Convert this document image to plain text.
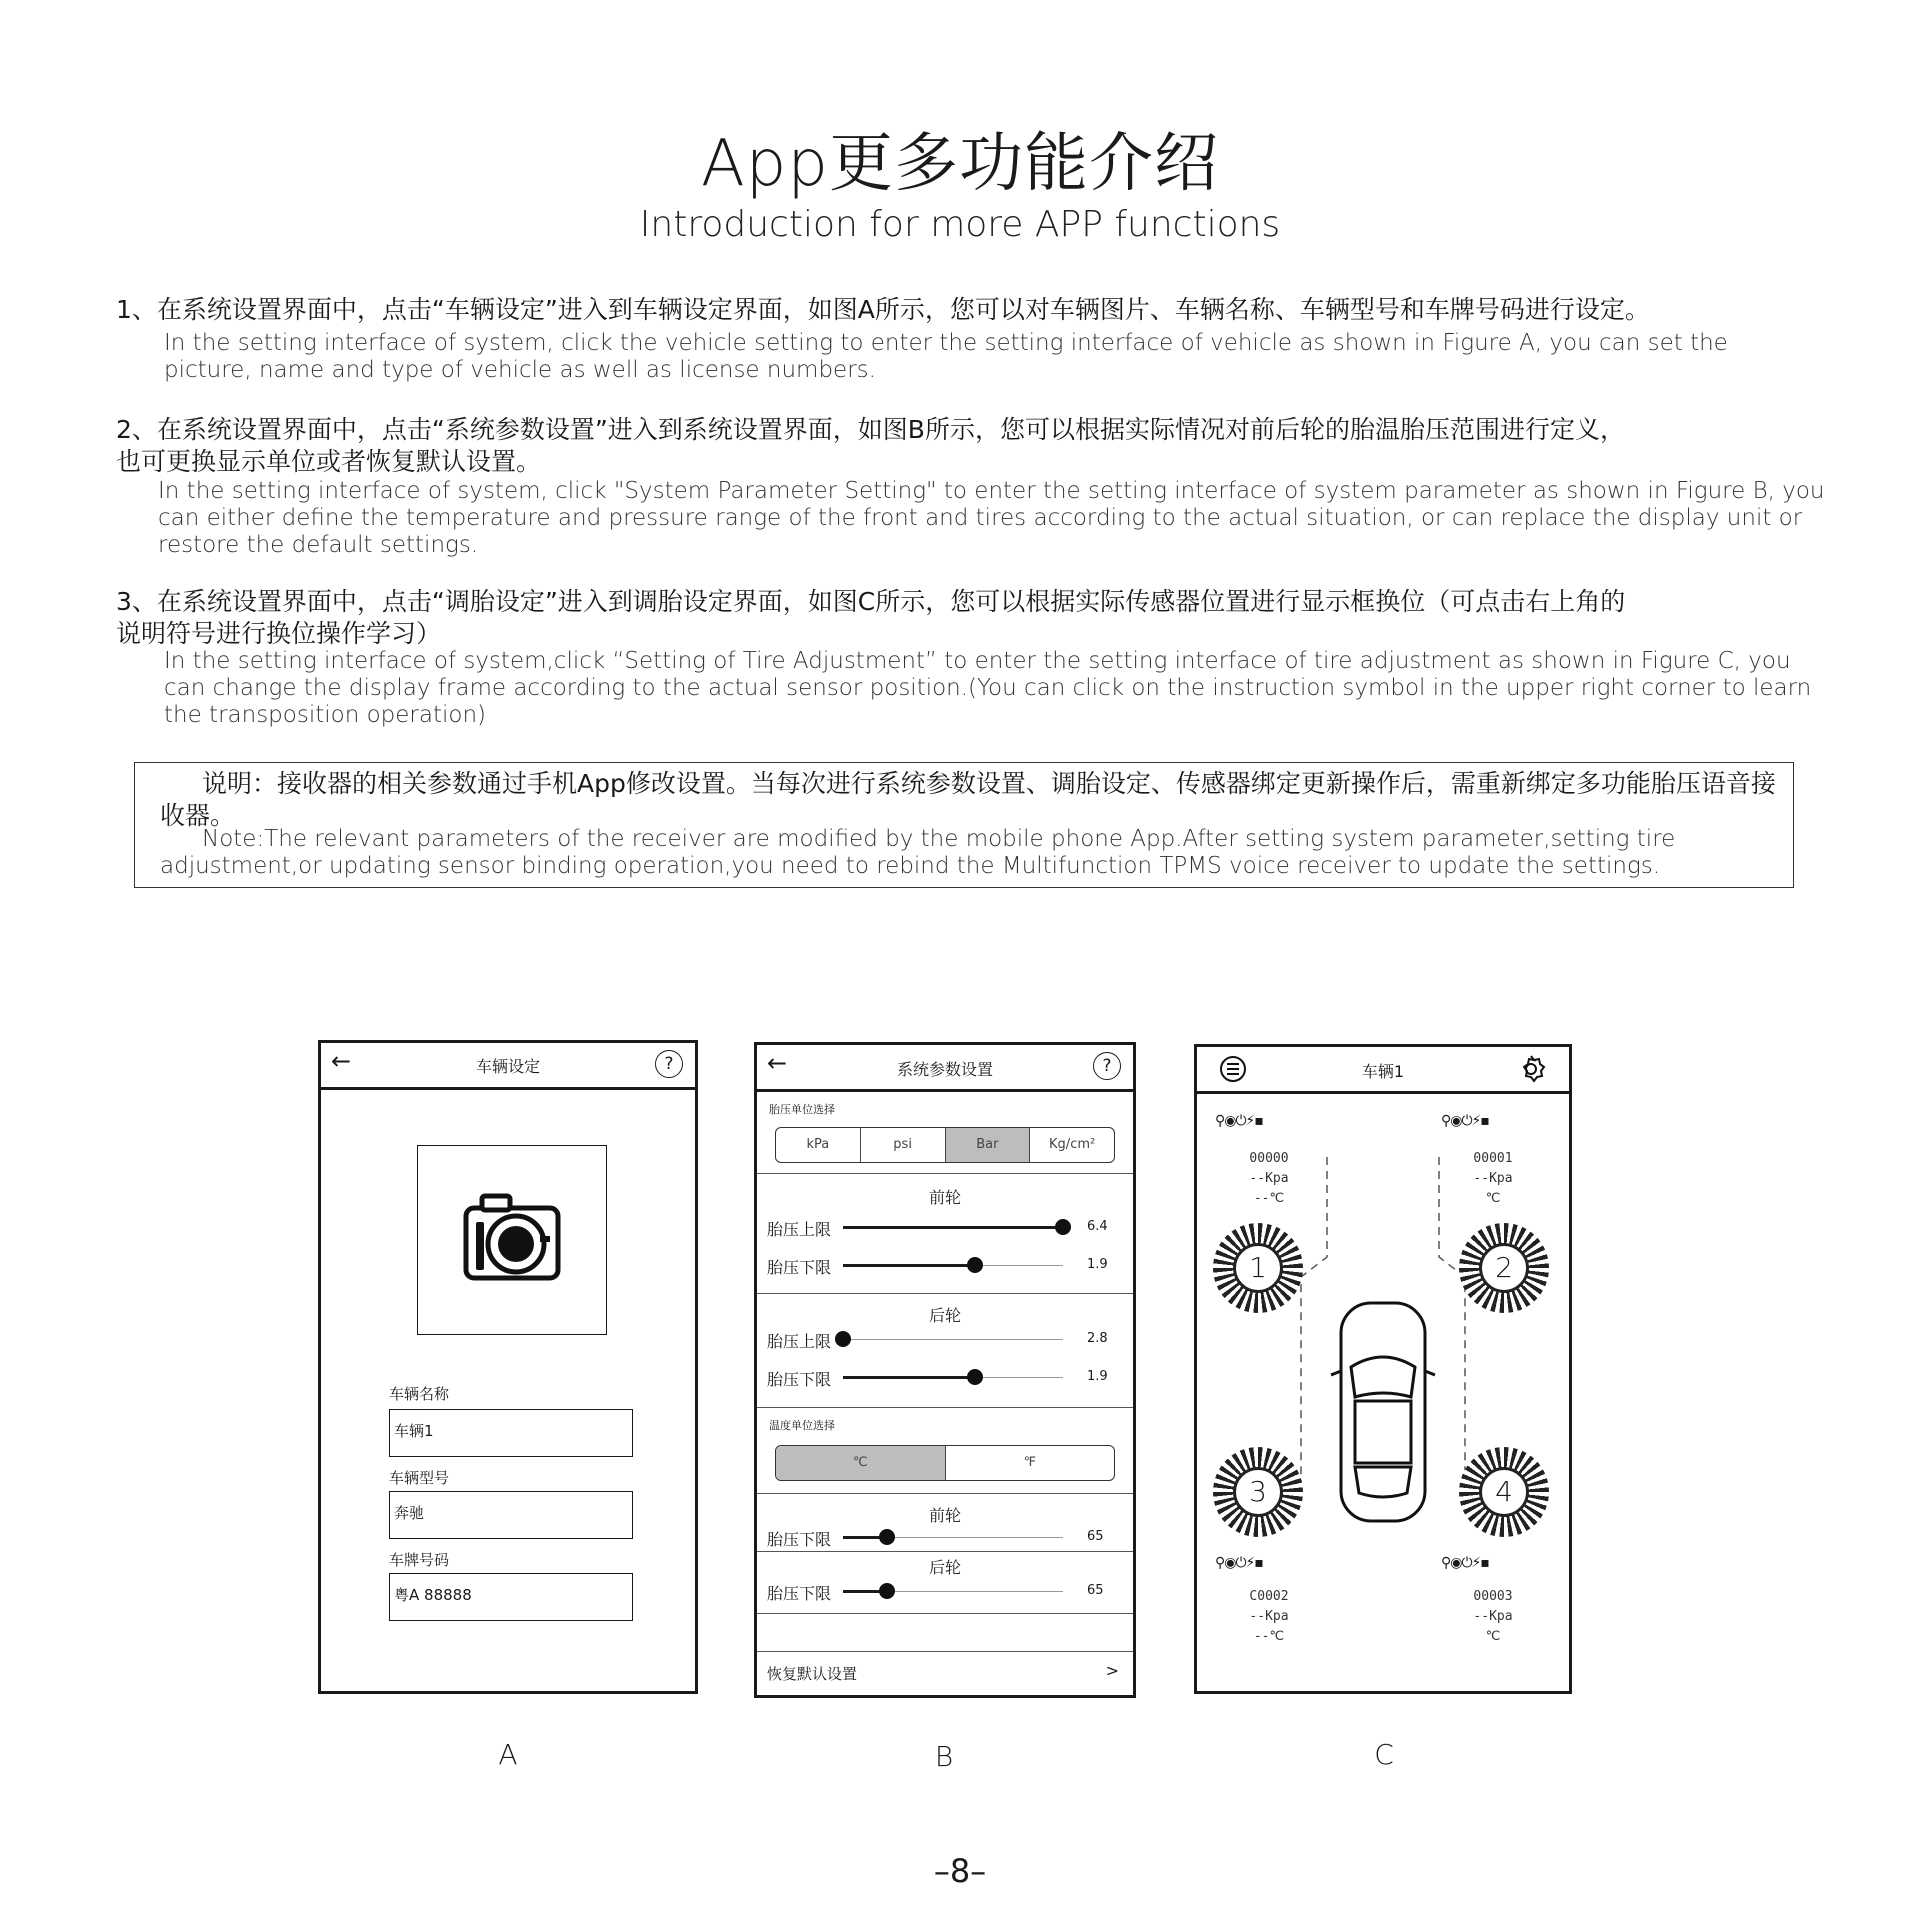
App更多功能介绍
Introduction for more APP functions
1、在系统设置界面中，点击“车辆设定”进入到车辆设定界面，如图A所示，您可以对车辆图片、车辆名称、车辆型号和车牌号码进行设定。
In the setting interface of system, click the vehicle setting to enter the setting interface of vehicle as shown in Figure A, you can set the picture, name and type of vehicle as well as license numbers.
2、在系统设置界面中，点击“系统参数设置”进入到系统设置界面，如图B所示，您可以根据实际情况对前后轮的胎温胎压范围进行定义，
也可更换显示单位或者恢复默认设置。
In the setting interface of system, click "System Parameter Setting" to enter the setting interface of system parameter as shown in Figure B, you can either define the temperature and pressure range of the front and tires according to the actual situation, or can replace the display unit or restore the default settings.
3、在系统设置界面中，点击“调胎设定”进入到调胎设定界面，如图C所示，您可以根据实际传感器位置进行显示框换位（可点击右上角的
说明符号进行换位操作学习）
In the setting interface of system,click “Setting of Tire Adjustment” to enter the setting interface of tire adjustment as shown in Figure C, you can change the display frame according to the actual sensor position.(You can click on the instruction symbol in the upper right corner to learn the transposition operation)
说明：接收器的相关参数通过手机App修改设置。当每次进行系统参数设置、调胎设定、传感器绑定更新操作后，需重新绑定多功能胎压语音接收器。
Note:The relevant parameters of the receiver are modified by the mobile phone App.After setting system parameter,setting tire adjustment,or updating sensor binding operation,you need to rebind the Multifunction TPMS voice receiver to update the settings.
←	车辆设定	?
车辆名称
车辆1
车辆型号
奔驰
车牌号码
粤A 88888
A
←	系统参数设置	?
胎压单位选择
kPa	psi	Bar	Kg/cm²
前轮
胎压上限	6.4
胎压下限	1.9
后轮
胎压上限	2.8
胎压下限	1.9
温度单位选择
℃	℉
前轮
胎压下限	65
后轮
胎压下限	65
恢复默认设置	>
B
车辆1
⚲◉⏻⚡▪
00000
--Kpa
--℃
1
⚲◉⏻⚡▪
00001
--Kpa
℃
2
3
⚲◉⏻⚡▪
C0002
--Kpa
--℃
4
⚲◉⏻⚡▪
00003
--Kpa
℃
C
–8–
